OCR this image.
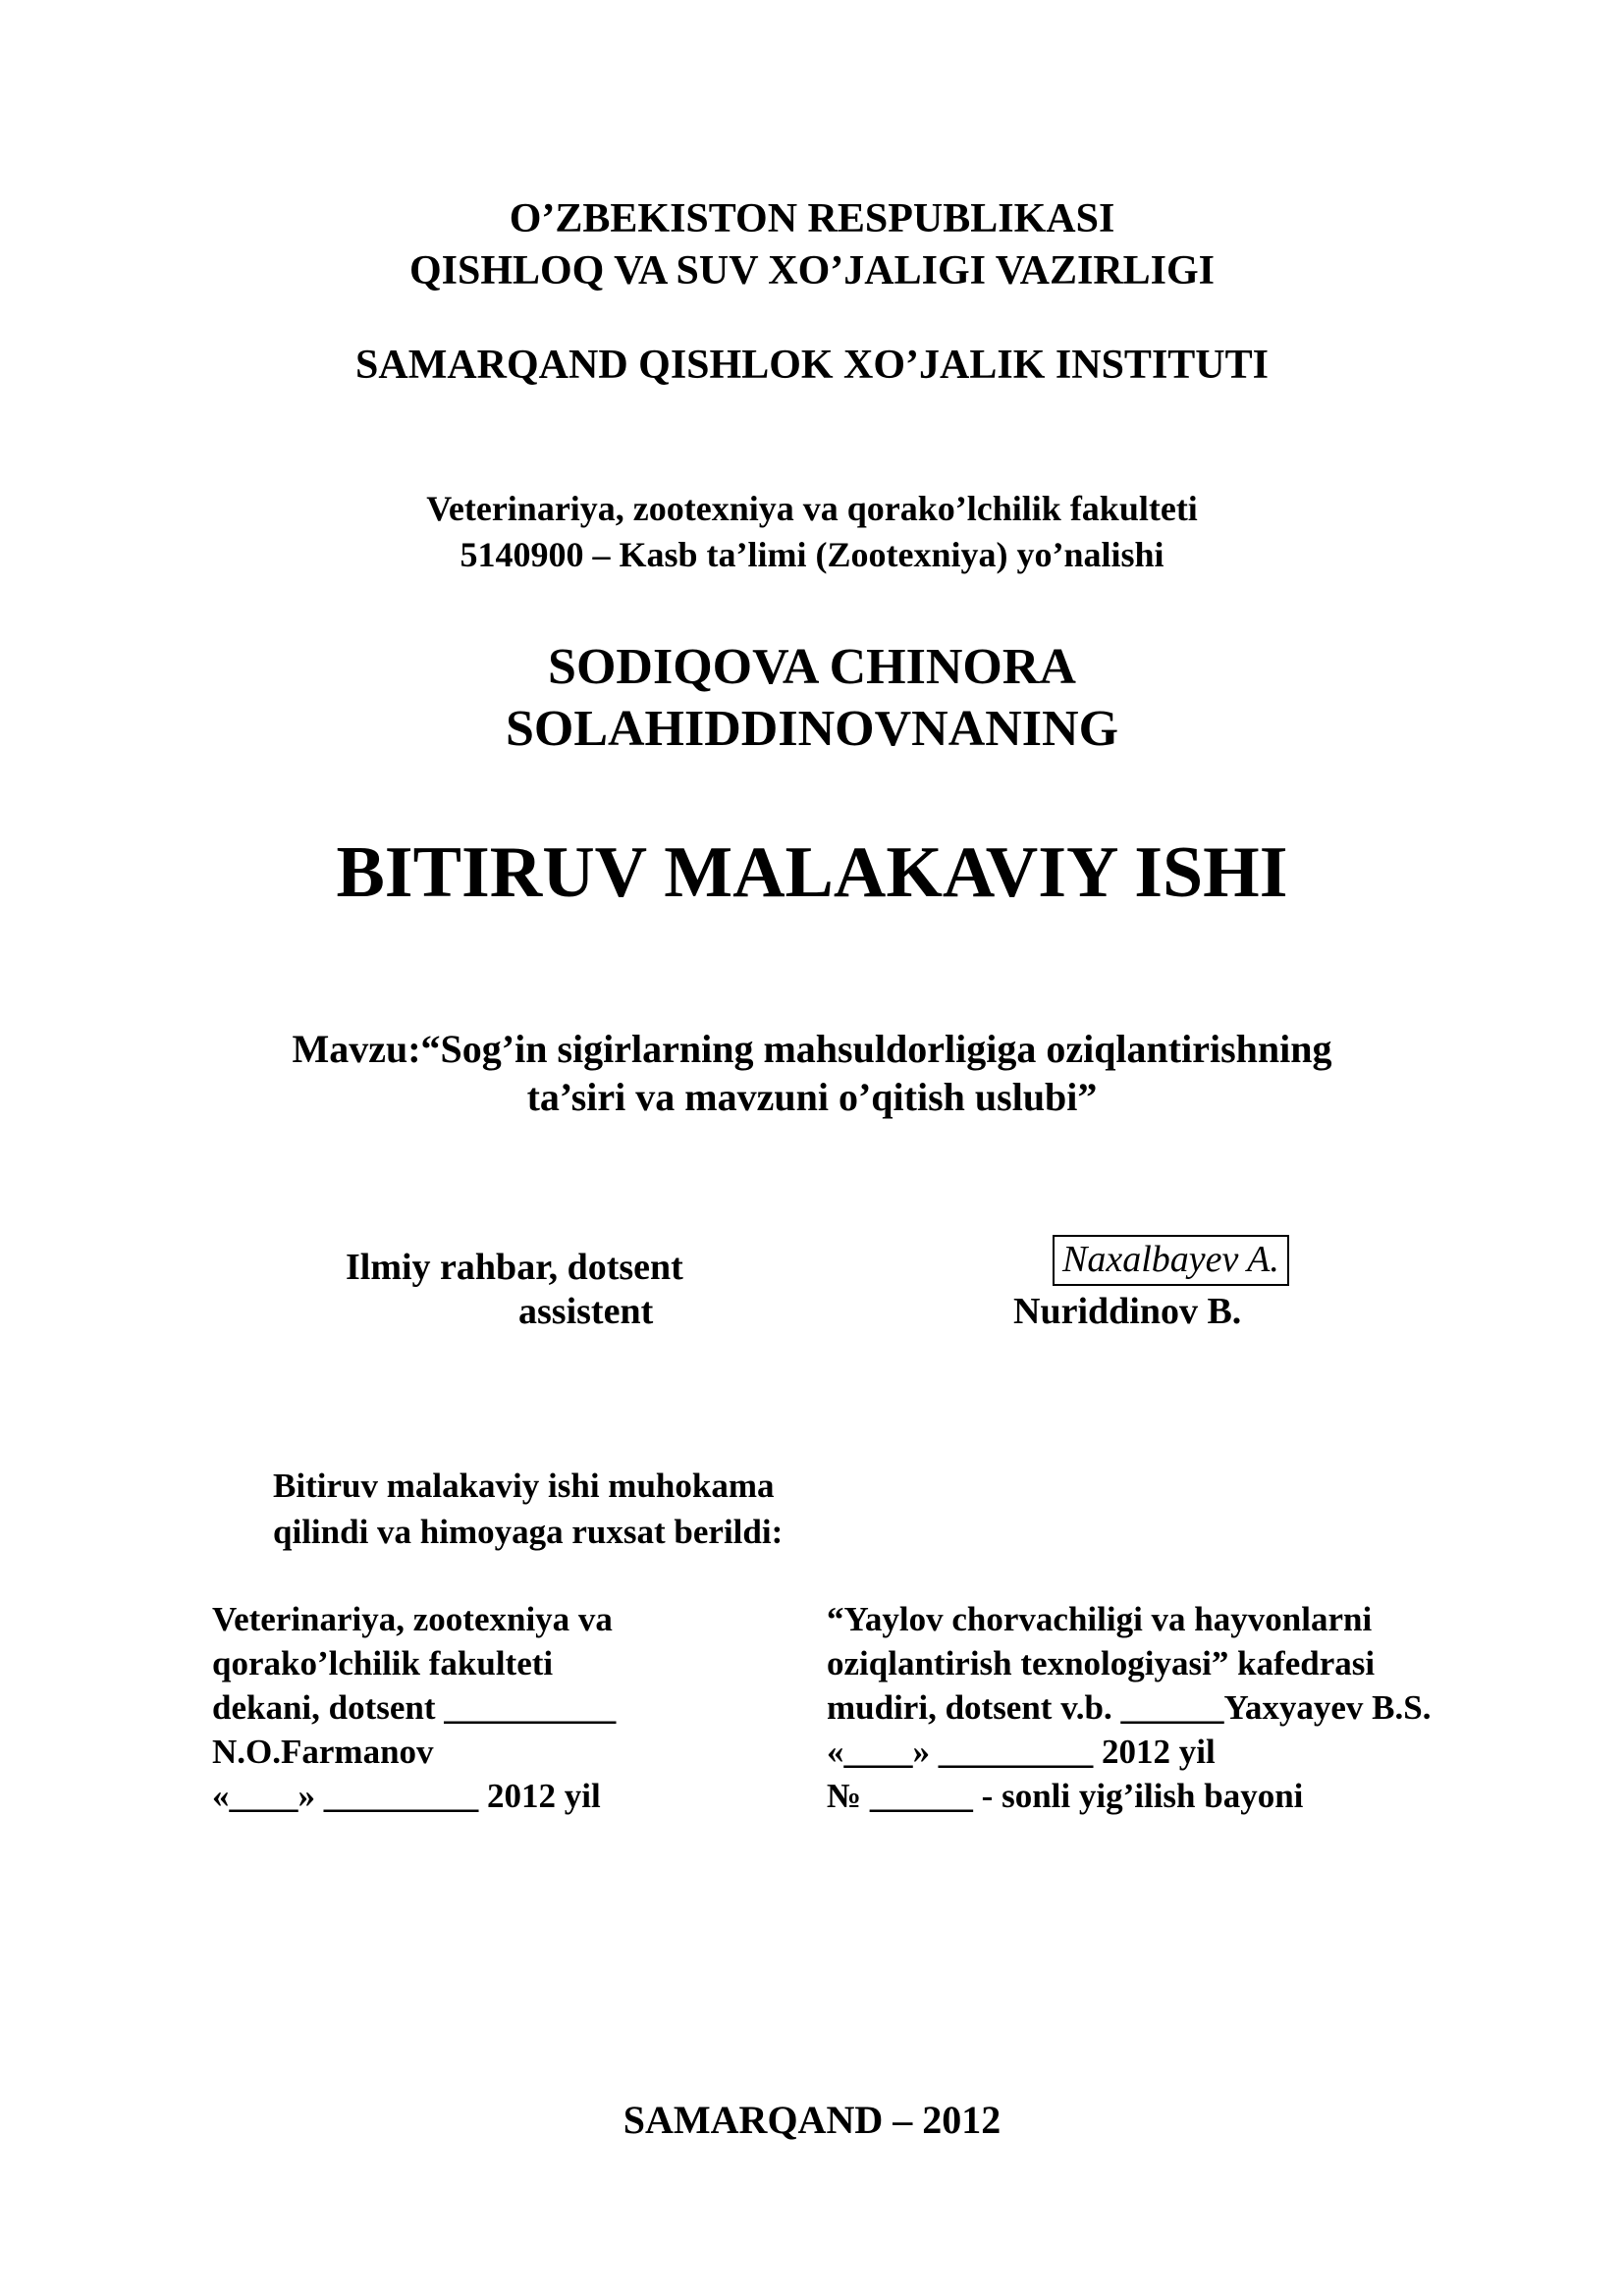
O’ZBEKISTON RESPUBLIKASI
QISHLOQ VA SUV XO’JALIGI VAZIRLIGI
SAMARQAND QISHLOK XO’JALIK INSTITUTI
Veterinariya, zootexniya va qorako’lchilik fakulteti
5140900 – Kasb ta’limi (Zootexniya) yo’nalishi
SODIQOVA CHINORA
SOLAHIDDINOVNANING
BITIRUV MALAKAVIY ISHI
Mavzu:“Sog’in sigirlarning mahsuldorligiga oziqlantirishning
ta’siri va mavzuni o’qitish uslubi”
Ilmiy rahbar, dotsent	Naxalbayev A.
assistent	Nuriddinov B.
Bitiruv malakaviy ishi muhokama
qilindi va himoyaga ruxsat berildi:
Veterinariya, zootexniya va
qorako’lchilik fakulteti
dekani, dotsent __________
N.O.Farmanov
«____» _________ 2012 yil
“Yaylov chorvachiligi va hayvonlarni
oziqlantirish texnologiyasi” kafedrasi
mudiri, dotsent v.b. ______Yaxyayev B.S.
«____» _________ 2012 yil
№ ______ - sonli yig’ilish bayoni
SAMARQAND – 2012
